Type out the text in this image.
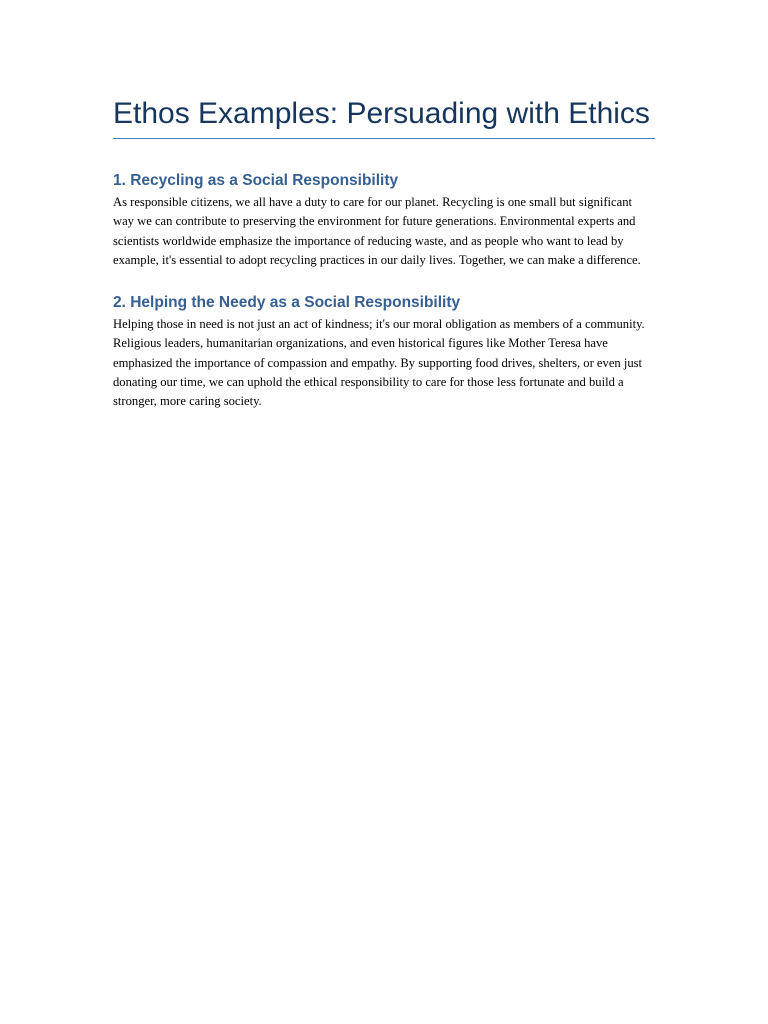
Ethos Examples: Persuading with Ethics
1. Recycling as a Social Responsibility

As responsible citizens, we all have a duty to care for our planet. Recycling is one small but significant way we can contribute to preserving the environment for future generations. Environmental experts and scientists worldwide emphasize the importance of reducing waste, and as people who want to lead by example, it's essential to adopt recycling practices in our daily lives. Together, we can make a difference.

2. Helping the Needy as a Social Responsibility

Helping those in need is not just an act of kindness; it's our moral obligation as members of a community. Religious leaders, humanitarian organizations, and even historical figures like Mother Teresa have emphasized the importance of compassion and empathy. By supporting food drives, shelters, or even just donating our time, we can uphold the ethical responsibility to care for those less fortunate and build a stronger, more caring society.
